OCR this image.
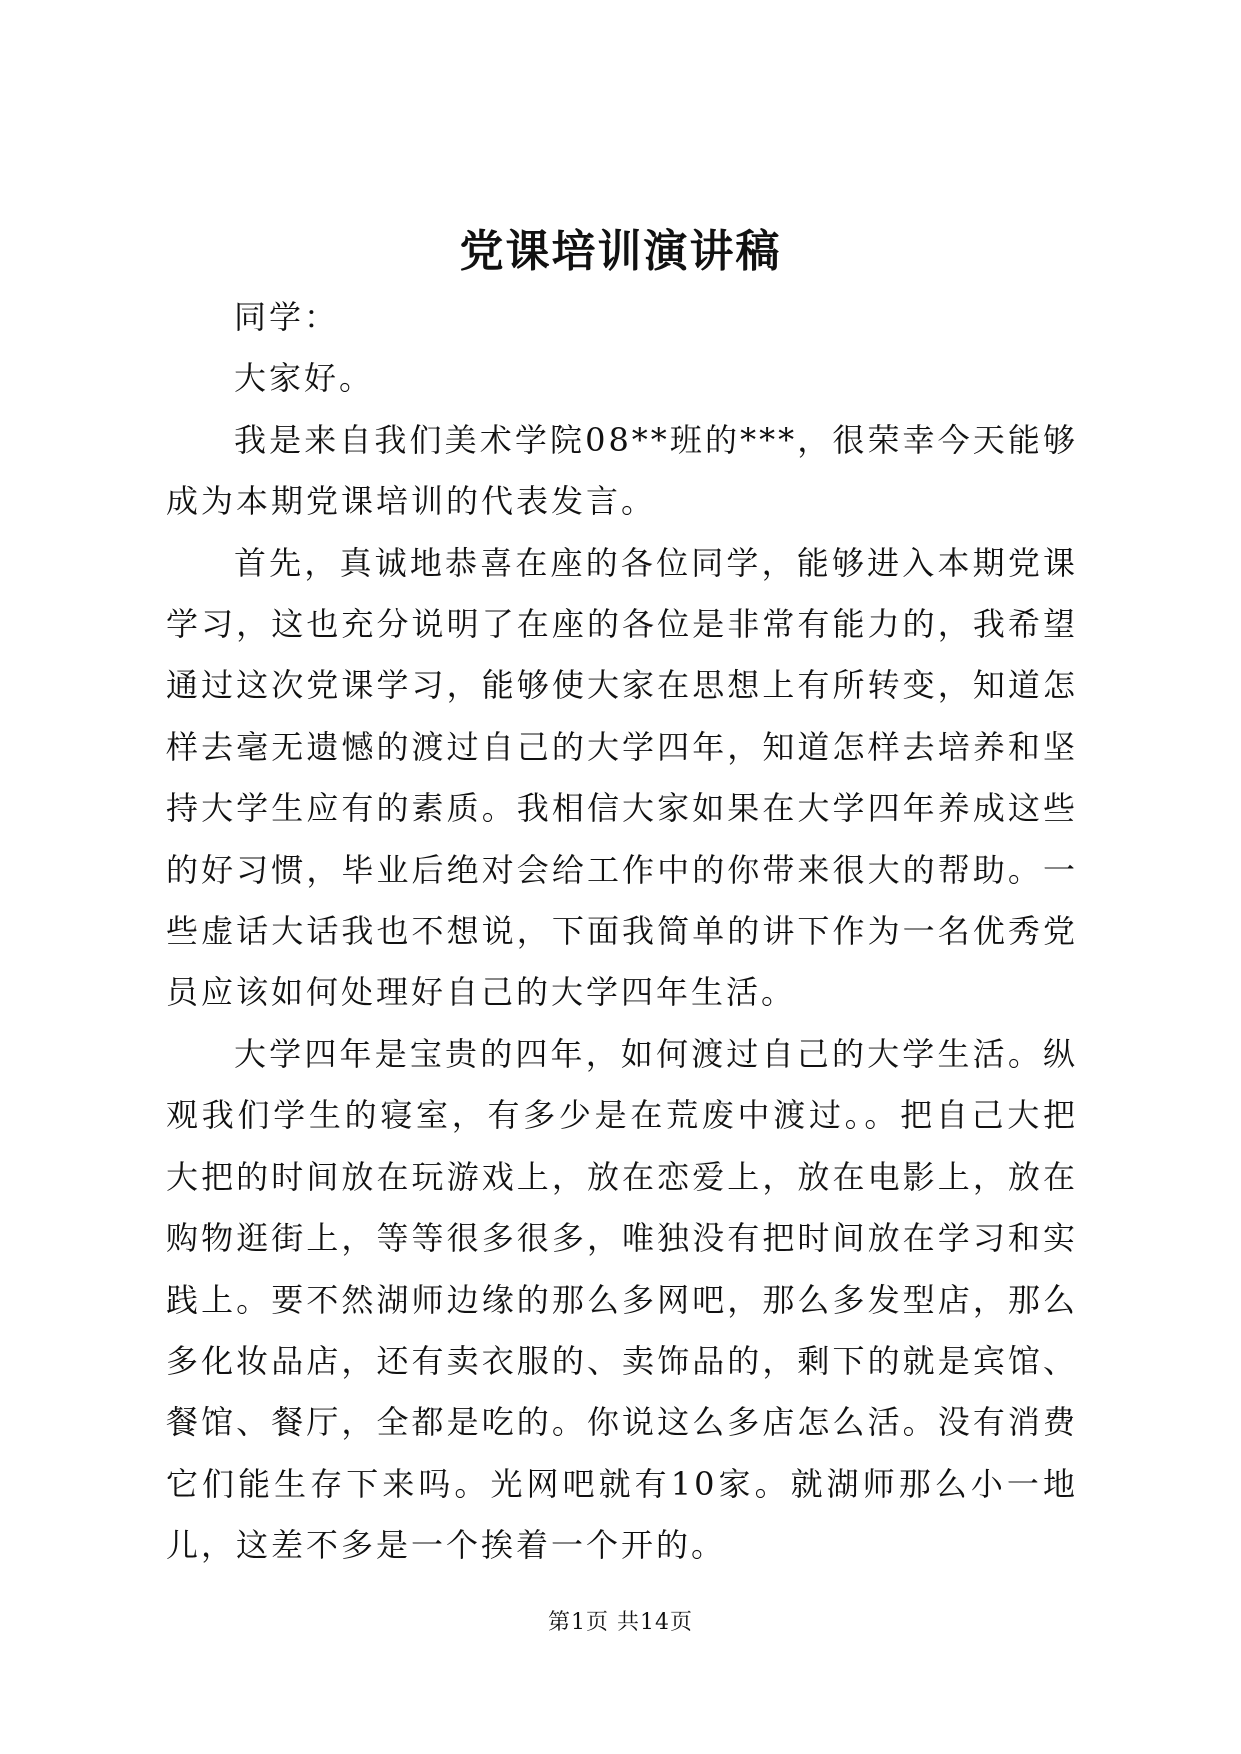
党课培训演讲稿

同学：

大家好。

我是来自我们美术学院08**班的***，很荣幸今天能够成为本期党课培训的代表发言。

首先，真诚地恭喜在座的各位同学，能够进入本期党课学习，这也充分说明了在座的各位是非常有能力的，我希望通过这次党课学习，能够使大家在思想上有所转变，知道怎样去毫无遗憾的渡过自己的大学四年，知道怎样去培养和坚持大学生应有的素质。我相信大家如果在大学四年养成这些的好习惯，毕业后绝对会给工作中的你带来很大的帮助。一些虚话大话我也不想说，下面我简单的讲下作为一名优秀党员应该如何处理好自己的大学四年生活。

大学四年是宝贵的四年，如何渡过自己的大学生活。纵观我们学生的寝室，有多少是在荒废中渡过。。把自己大把大把的时间放在玩游戏上，放在恋爱上，放在电影上，放在购物逛街上，等等很多很多，唯独没有把时间放在学习和实践上。要不然湖师边缘的那么多网吧，那么多发型店，那么多化妆品店，还有卖衣服的、卖饰品的，剩下的就是宾馆、餐馆、餐厅，全都是吃的。你说这么多店怎么活。没有消费它们能生存下来吗。光网吧就有10家。就湖师那么小一地儿，这差不多是一个挨着一个开的。

第1页 共14页
